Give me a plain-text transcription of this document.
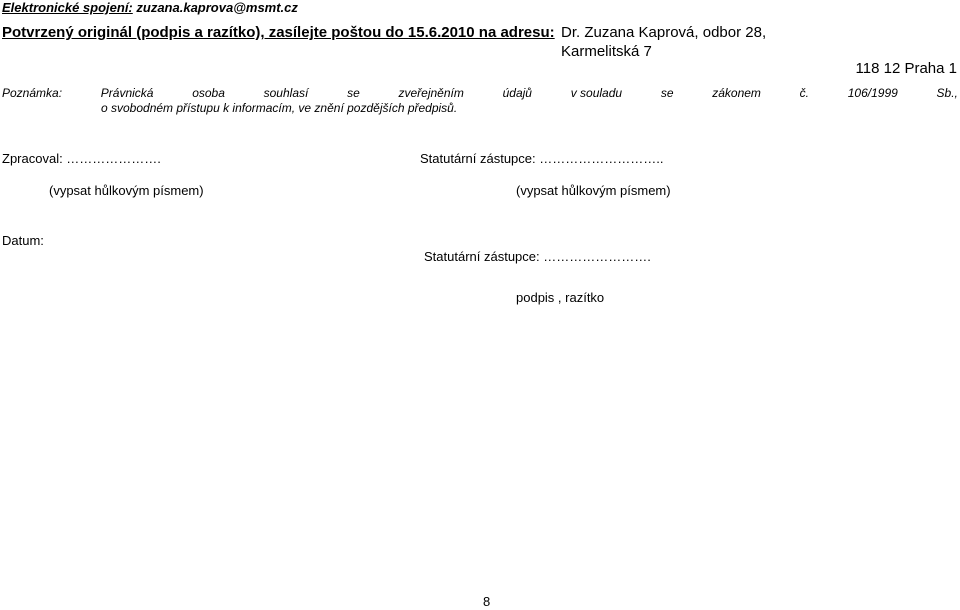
Elektronické spojení: zuzana.kaprova@msmt.cz
Potvrzený originál (podpis a razítko), zasílejte poštou do 15.6.2010 na adresu: Dr. Zuzana Kaprová, odbor 28,
Karmelitská 7
118 12 Praha 1
Poznámka:	Právnická	osoba	souhlasí	se	zveřejněním	údajů	v souladu	se	zákonem	č.	106/1999	Sb.,
o svobodném přístupu k informacím, ve znění pozdějších předpisů.
Zpracoval: ………………….	Statutární zástupce: ………………………..
(vypsat hůlkovým písmem)	(vypsat hůlkovým písmem)
Datum:
Statutární zástupce: …………………….
podpis , razítko
8
